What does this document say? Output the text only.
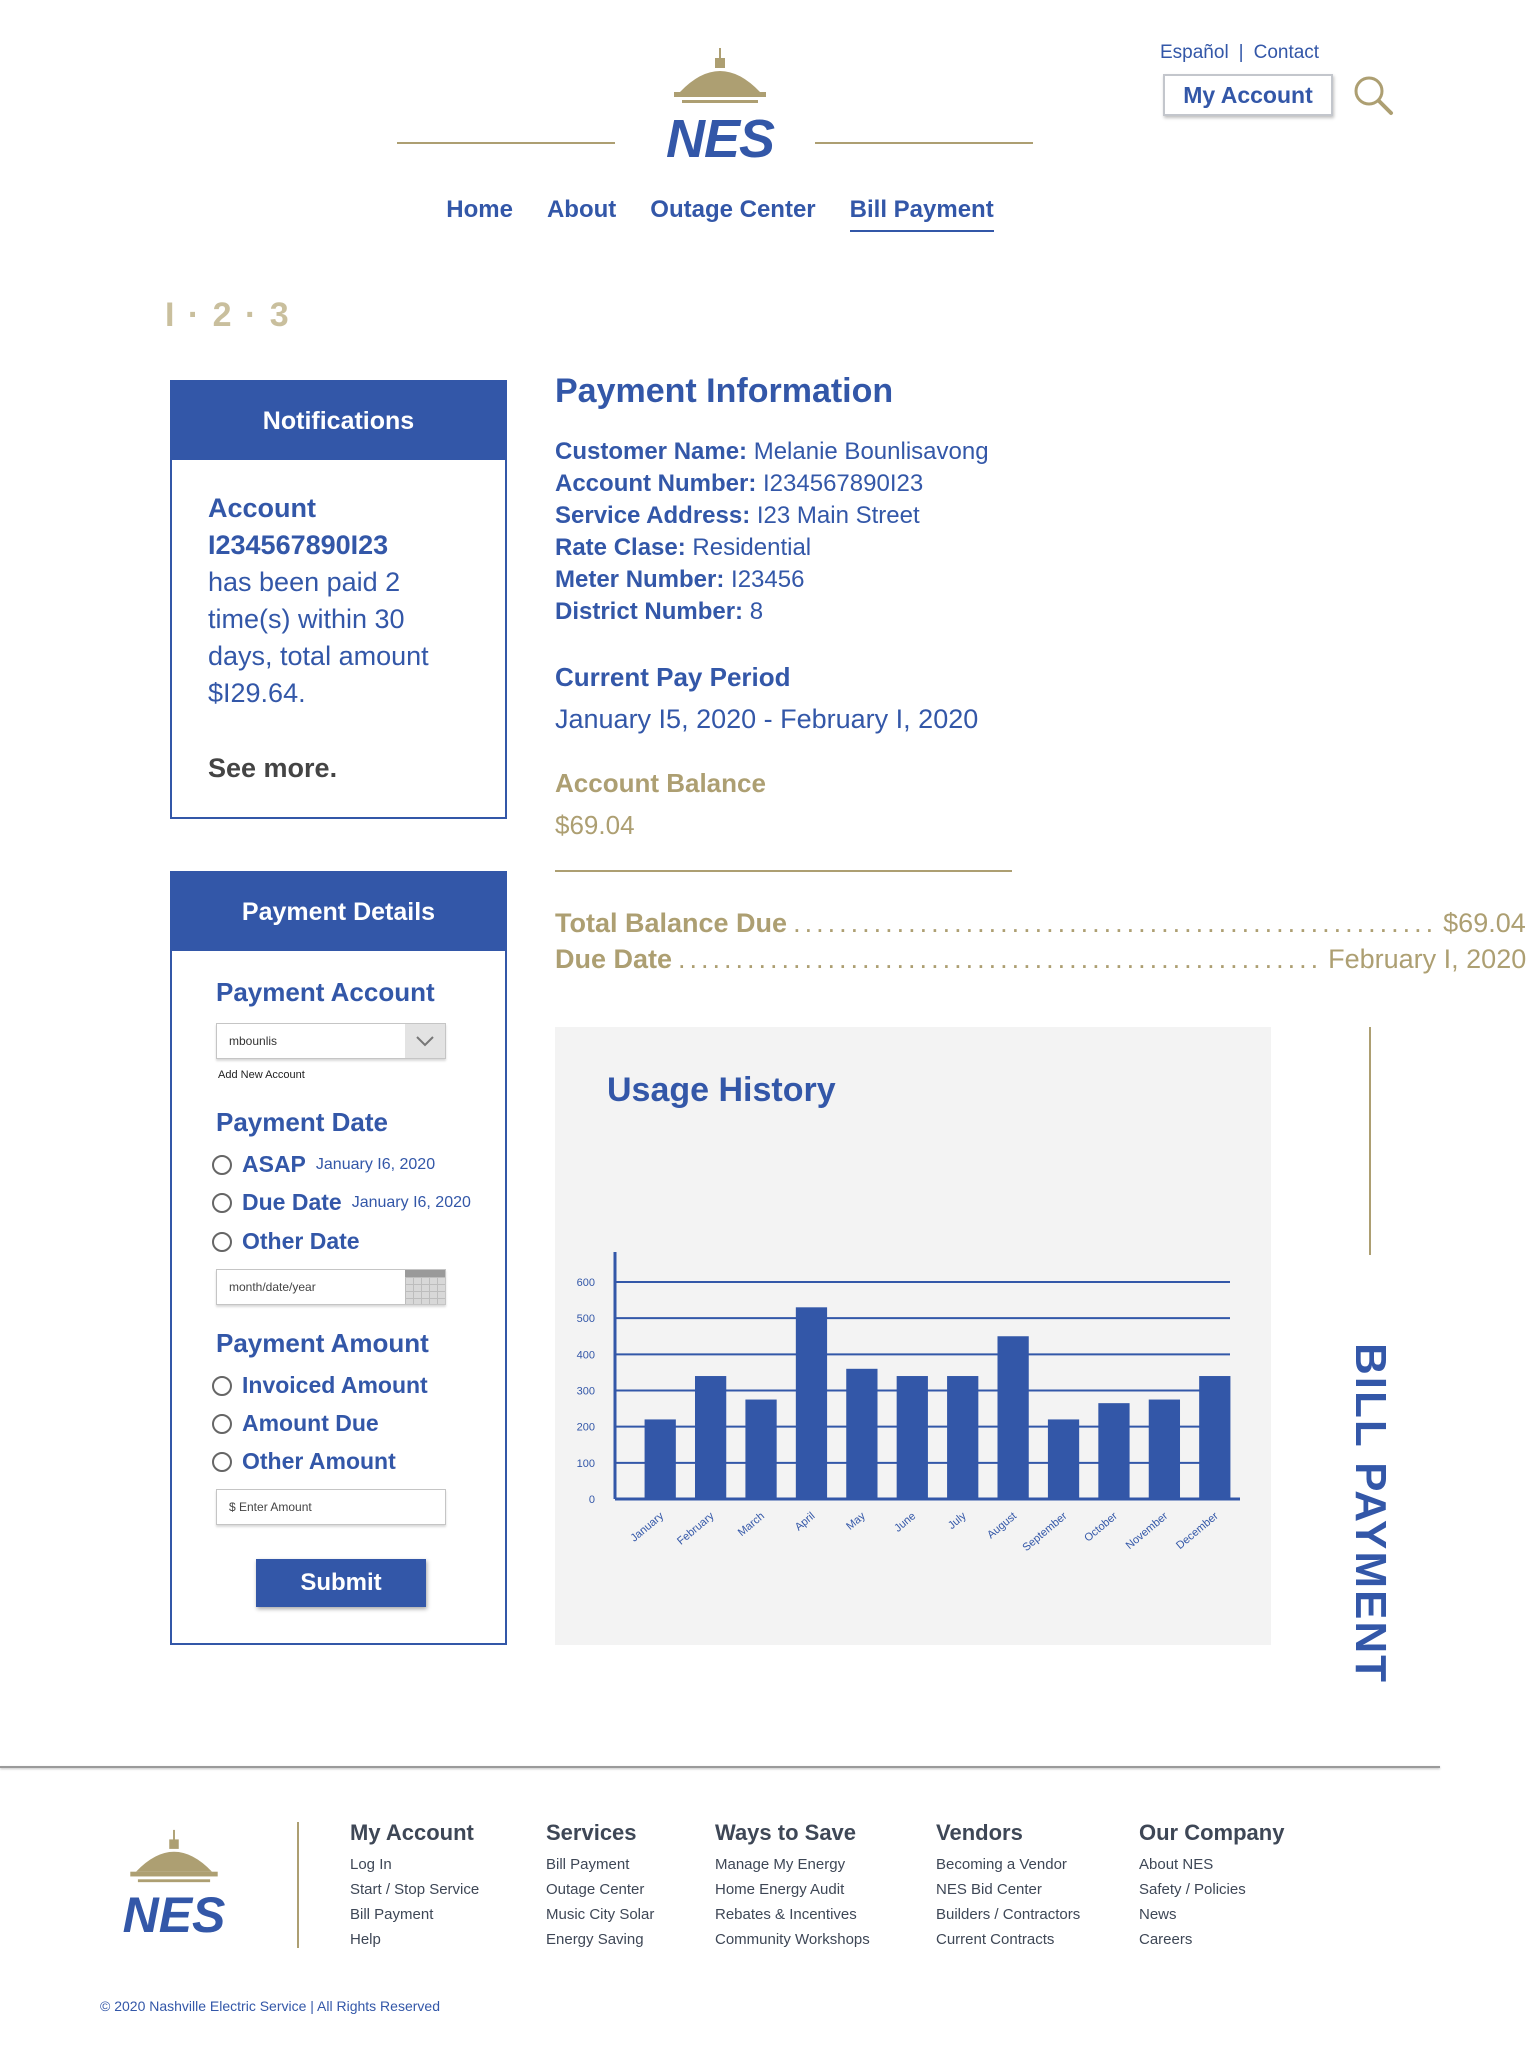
NES
Español | Contact
My Account
Home About Outage Center Bill Payment
I · 2 · 3
Notifications
Account
I234567890I23
has been paid 2 time(s) within 30 days, total amount $I29.64.
See more.
Payment Details
Payment Account
mbounlis
Add New Account
Payment Date
ASAP January I6, 2020
Due Date January I6, 2020
Other Date
month/date/year
Payment Amount
Invoiced Amount
Amount Due
Other Amount
$ Enter Amount
Submit
Payment Information
Customer Name: Melanie Bounlisavong
Account Number: I234567890I23
Service Address: I23 Main Street
Rate Clase: Residential
Meter Number: I23456
District Number: 8
Current Pay Period
January I5, 2020 - February I, 2020
Account Balance
$69.04
Total Balance Due ........................................................ $69.04
Due Date ........................................................ February I, 2020
Usage History
0
100
200
300
400
500
600
January February March April May June	July August September October November December	BILL PAYMENT
NES
My Account
Log In
Start / Stop Service
Bill Payment
Help
Services
Bill Payment
Outage Center
Music City Solar
Energy Saving
Ways to Save
Manage My Energy
Home Energy Audit
Rebates & Incentives
Community Workshops
Vendors
Becoming a Vendor
NES Bid Center
Builders / Contractors
Current Contracts
Our Company
About NES
Safety / Policies
News
Careers
© 2020 Nashville Electric Service | All Rights Reserved
